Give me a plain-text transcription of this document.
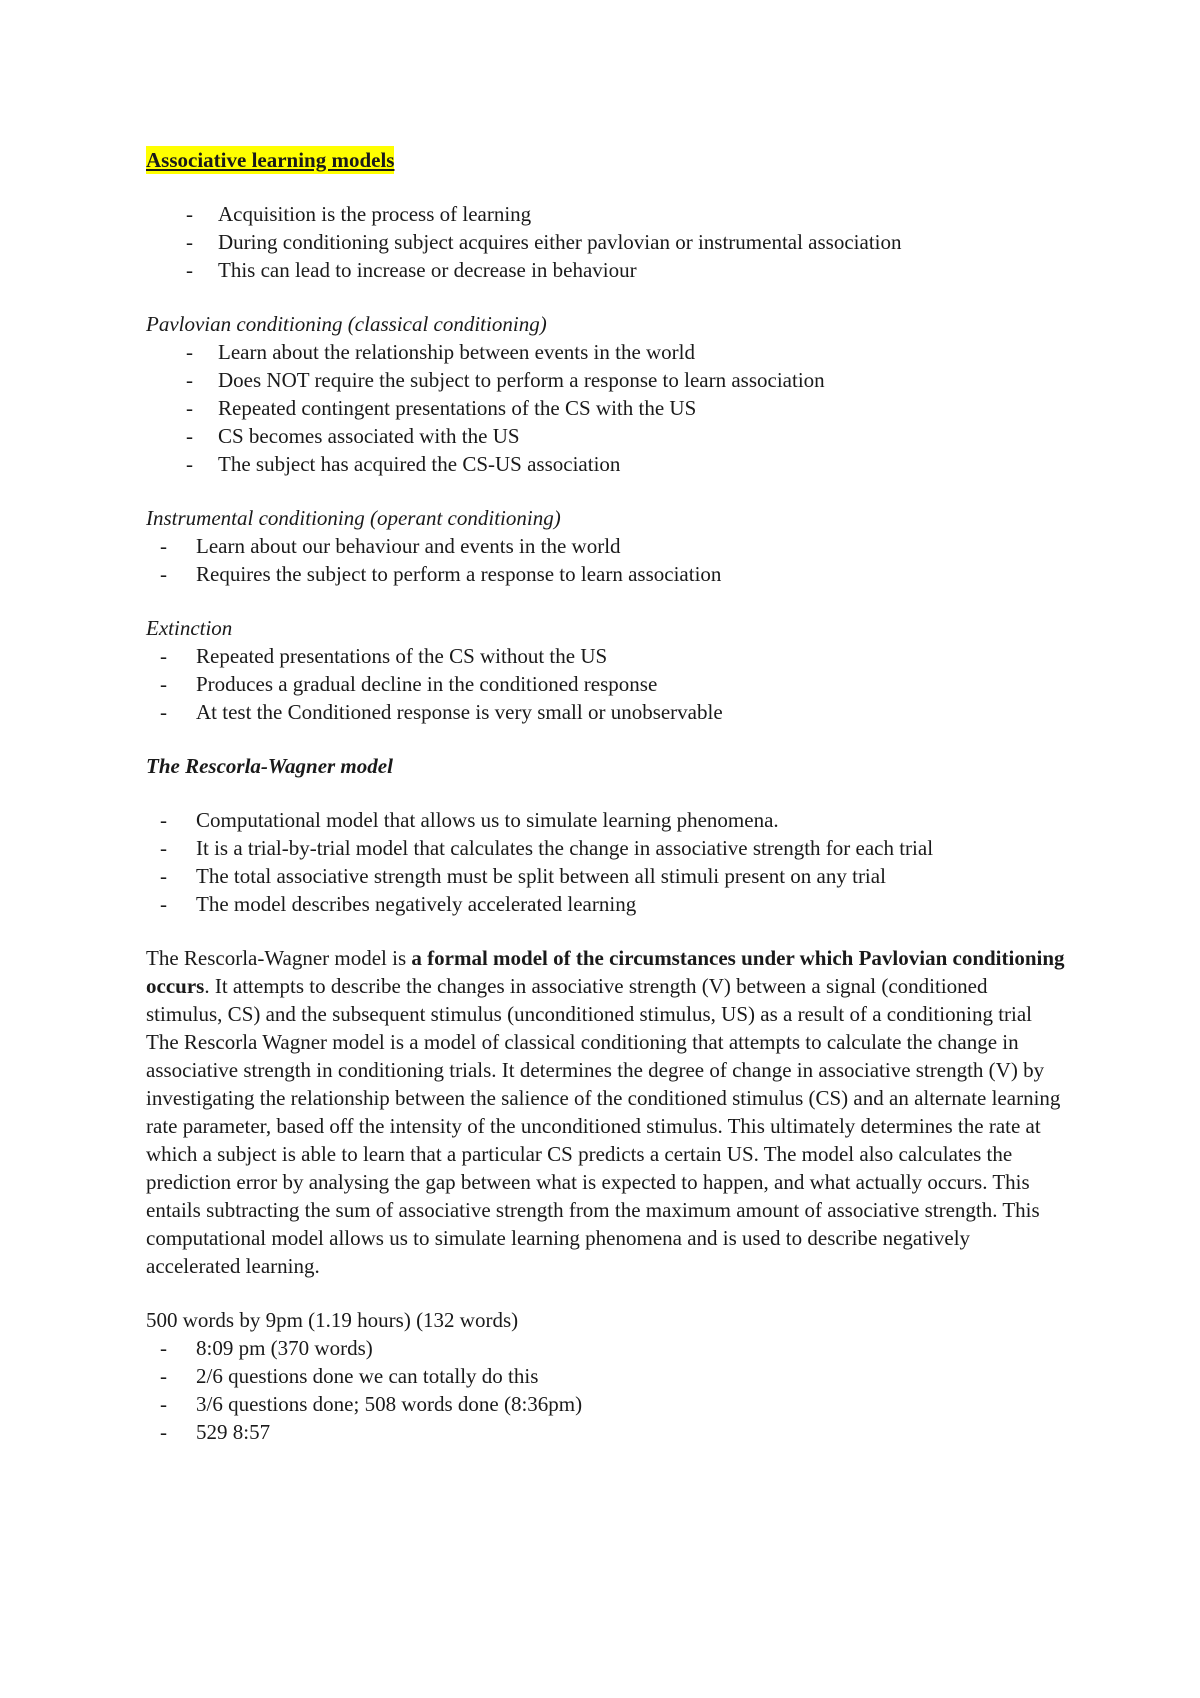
Associative learning models

- Acquisition is the process of learning
- During conditioning subject acquires either pavlovian or instrumental association
- This can lead to increase or decrease in behaviour

Pavlovian conditioning (classical conditioning)

- Learn about the relationship between events in the world
- Does NOT require the subject to perform a response to learn association
- Repeated contingent presentations of the CS with the US
- CS becomes associated with the US
- The subject has acquired the CS-US association

Instrumental conditioning (operant conditioning)

- Learn about our behaviour and events in the world
- Requires the subject to perform a response to learn association

Extinction

- Repeated presentations of the CS without the US
- Produces a gradual decline in the conditioned response
- At test the Conditioned response is very small or unobservable

The Rescorla-Wagner model

- Computational model that allows us to simulate learning phenomena.
- It is a trial-by-trial model that calculates the change in associative strength for each trial
- The total associative strength must be split between all stimuli present on any trial
- The model describes negatively accelerated learning

The Rescorla-Wagner model is a formal model of the circumstances under which Pavlovian conditioning occurs. It attempts to describe the changes in associative strength (V) between a signal (conditioned stimulus, CS) and the subsequent stimulus (unconditioned stimulus, US) as a result of a conditioning trial

The Rescorla Wagner model is a model of classical conditioning that attempts to calculate the change in associative strength in conditioning trials. It determines the degree of change in associative strength (V) by investigating the relationship between the salience of the conditioned stimulus (CS) and an alternate learning rate parameter, based off the intensity of the unconditioned stimulus. This ultimately determines the rate at which a subject is able to learn that a particular CS predicts a certain US. The model also calculates the prediction error by analysing the gap between what is expected to happen, and what actually occurs. This entails subtracting the sum of associative strength from the maximum amount of associative strength. This computational model allows us to simulate learning phenomena and is used to describe negatively accelerated learning.

500 words by 9pm (1.19 hours) (132 words)

- 8:09 pm (370 words)
- 2/6 questions done we can totally do this
- 3/6 questions done; 508 words done (8:36pm)
- 529 8:57
